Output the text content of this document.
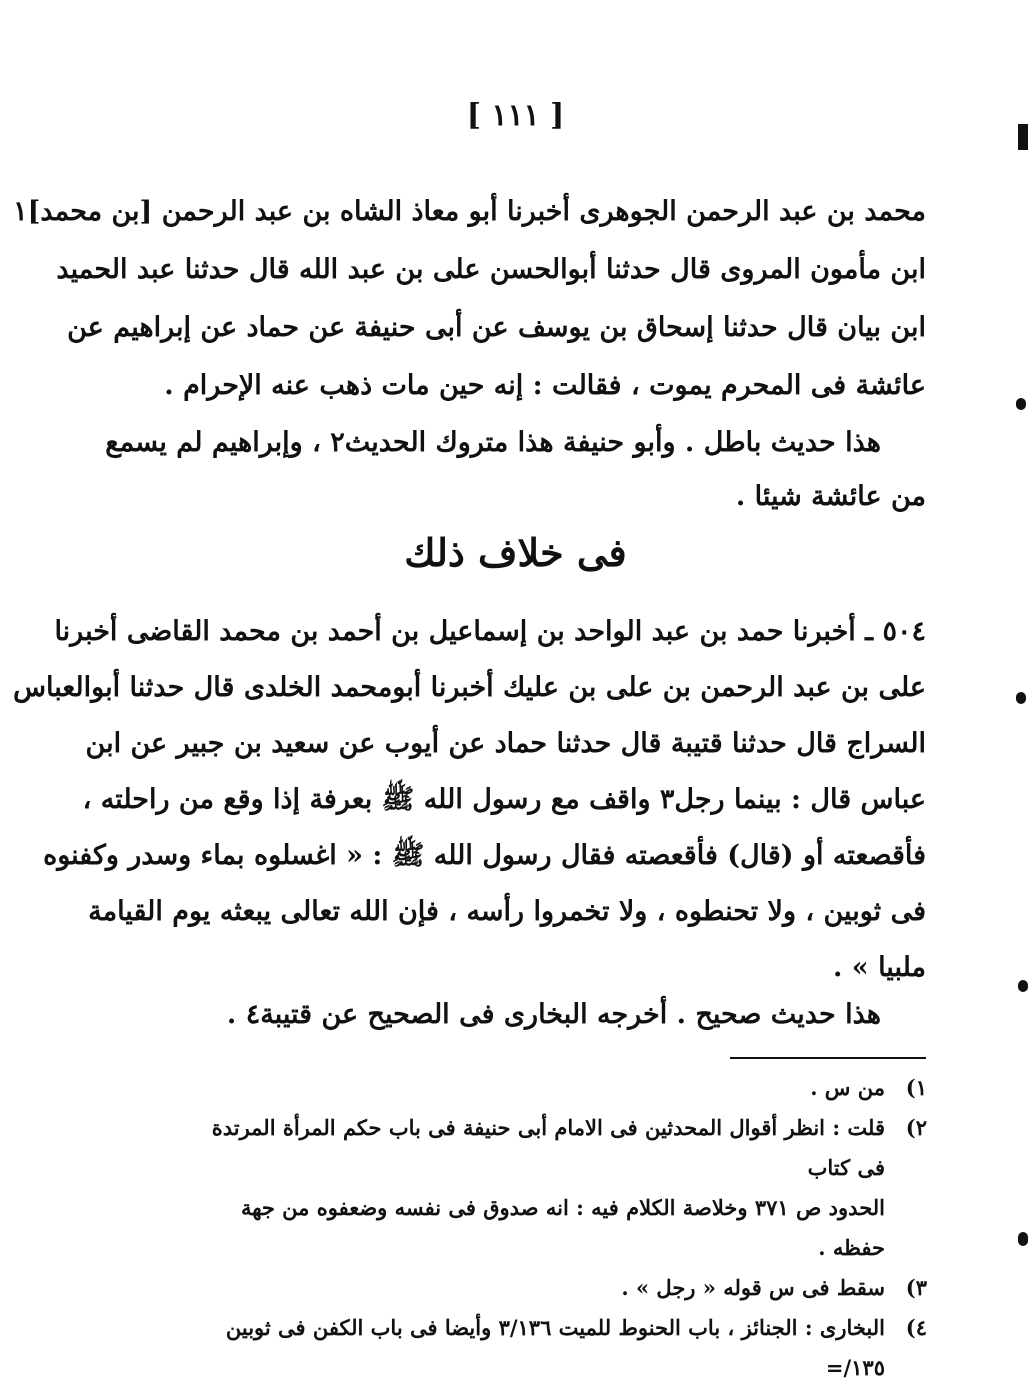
[ ١١١ ]
محمد بن عبد الرحمن الجوهرى أخبرنا أبو معاذ الشاه بن عبد الرحمن [بن محمد]١
ابن مأمون المروى قال حدثنا أبوالحسن على بن عبد الله قال حدثنا عبد الحميد
ابن بيان قال حدثنا إسحاق بن يوسف عن أبى حنيفة عن حماد عن إبراهيم عن
عائشة فى المحرم يموت ، فقالت : إنه حين مات ذهب عنه الإحرام .
هذا حديث باطل . وأبو حنيفة هذا متروك الحديث٢ ، وإبراهيم لم يسمع
من عائشة شيئا .
فى خلاف ذلك
٥٠٤ ـ أخبرنا حمد بن عبد الواحد بن إسماعيل بن أحمد بن محمد القاضى أخبرنا
على بن عبد الرحمن بن على بن عليك أخبرنا أبومحمد الخلدى قال حدثنا أبوالعباس
السراج قال حدثنا قتيبة قال حدثنا حماد عن أيوب عن سعيد بن جبير عن ابن
عباس قال : بينما رجل٣ واقف مع رسول الله ﷺ بعرفة إذا وقع من راحلته ،
فأقصعته أو (قال) فأقعصته فقال رسول الله ﷺ : « اغسلوه بماء وسدر وكفنوه
فى ثوبين ، ولا تحنطوه ، ولا تخمروا رأسه ، فإن الله تعالى يبعثه يوم القيامة
ملبيا » .
هذا حديث صحيح . أخرجه البخارى فى الصحيح عن قتيبة٤ .
١)
من س .
٢)
قلت : انظر أقوال المحدثين فى الامام أبى حنيفة فى باب حكم المرأة المرتدة فى كتاب
الحدود ص ٣٧١ وخلاصة الكلام فيه : انه صدوق فى نفسه وضعفوه من جهة حفظه .
٣)
سقط فى س قوله « رجل » .
٤)
البخارى : الجنائز ، باب الحنوط للميت ٣/١٣٦ وأيضا فى باب الكفن فى ثوبين ١٣٥/=
